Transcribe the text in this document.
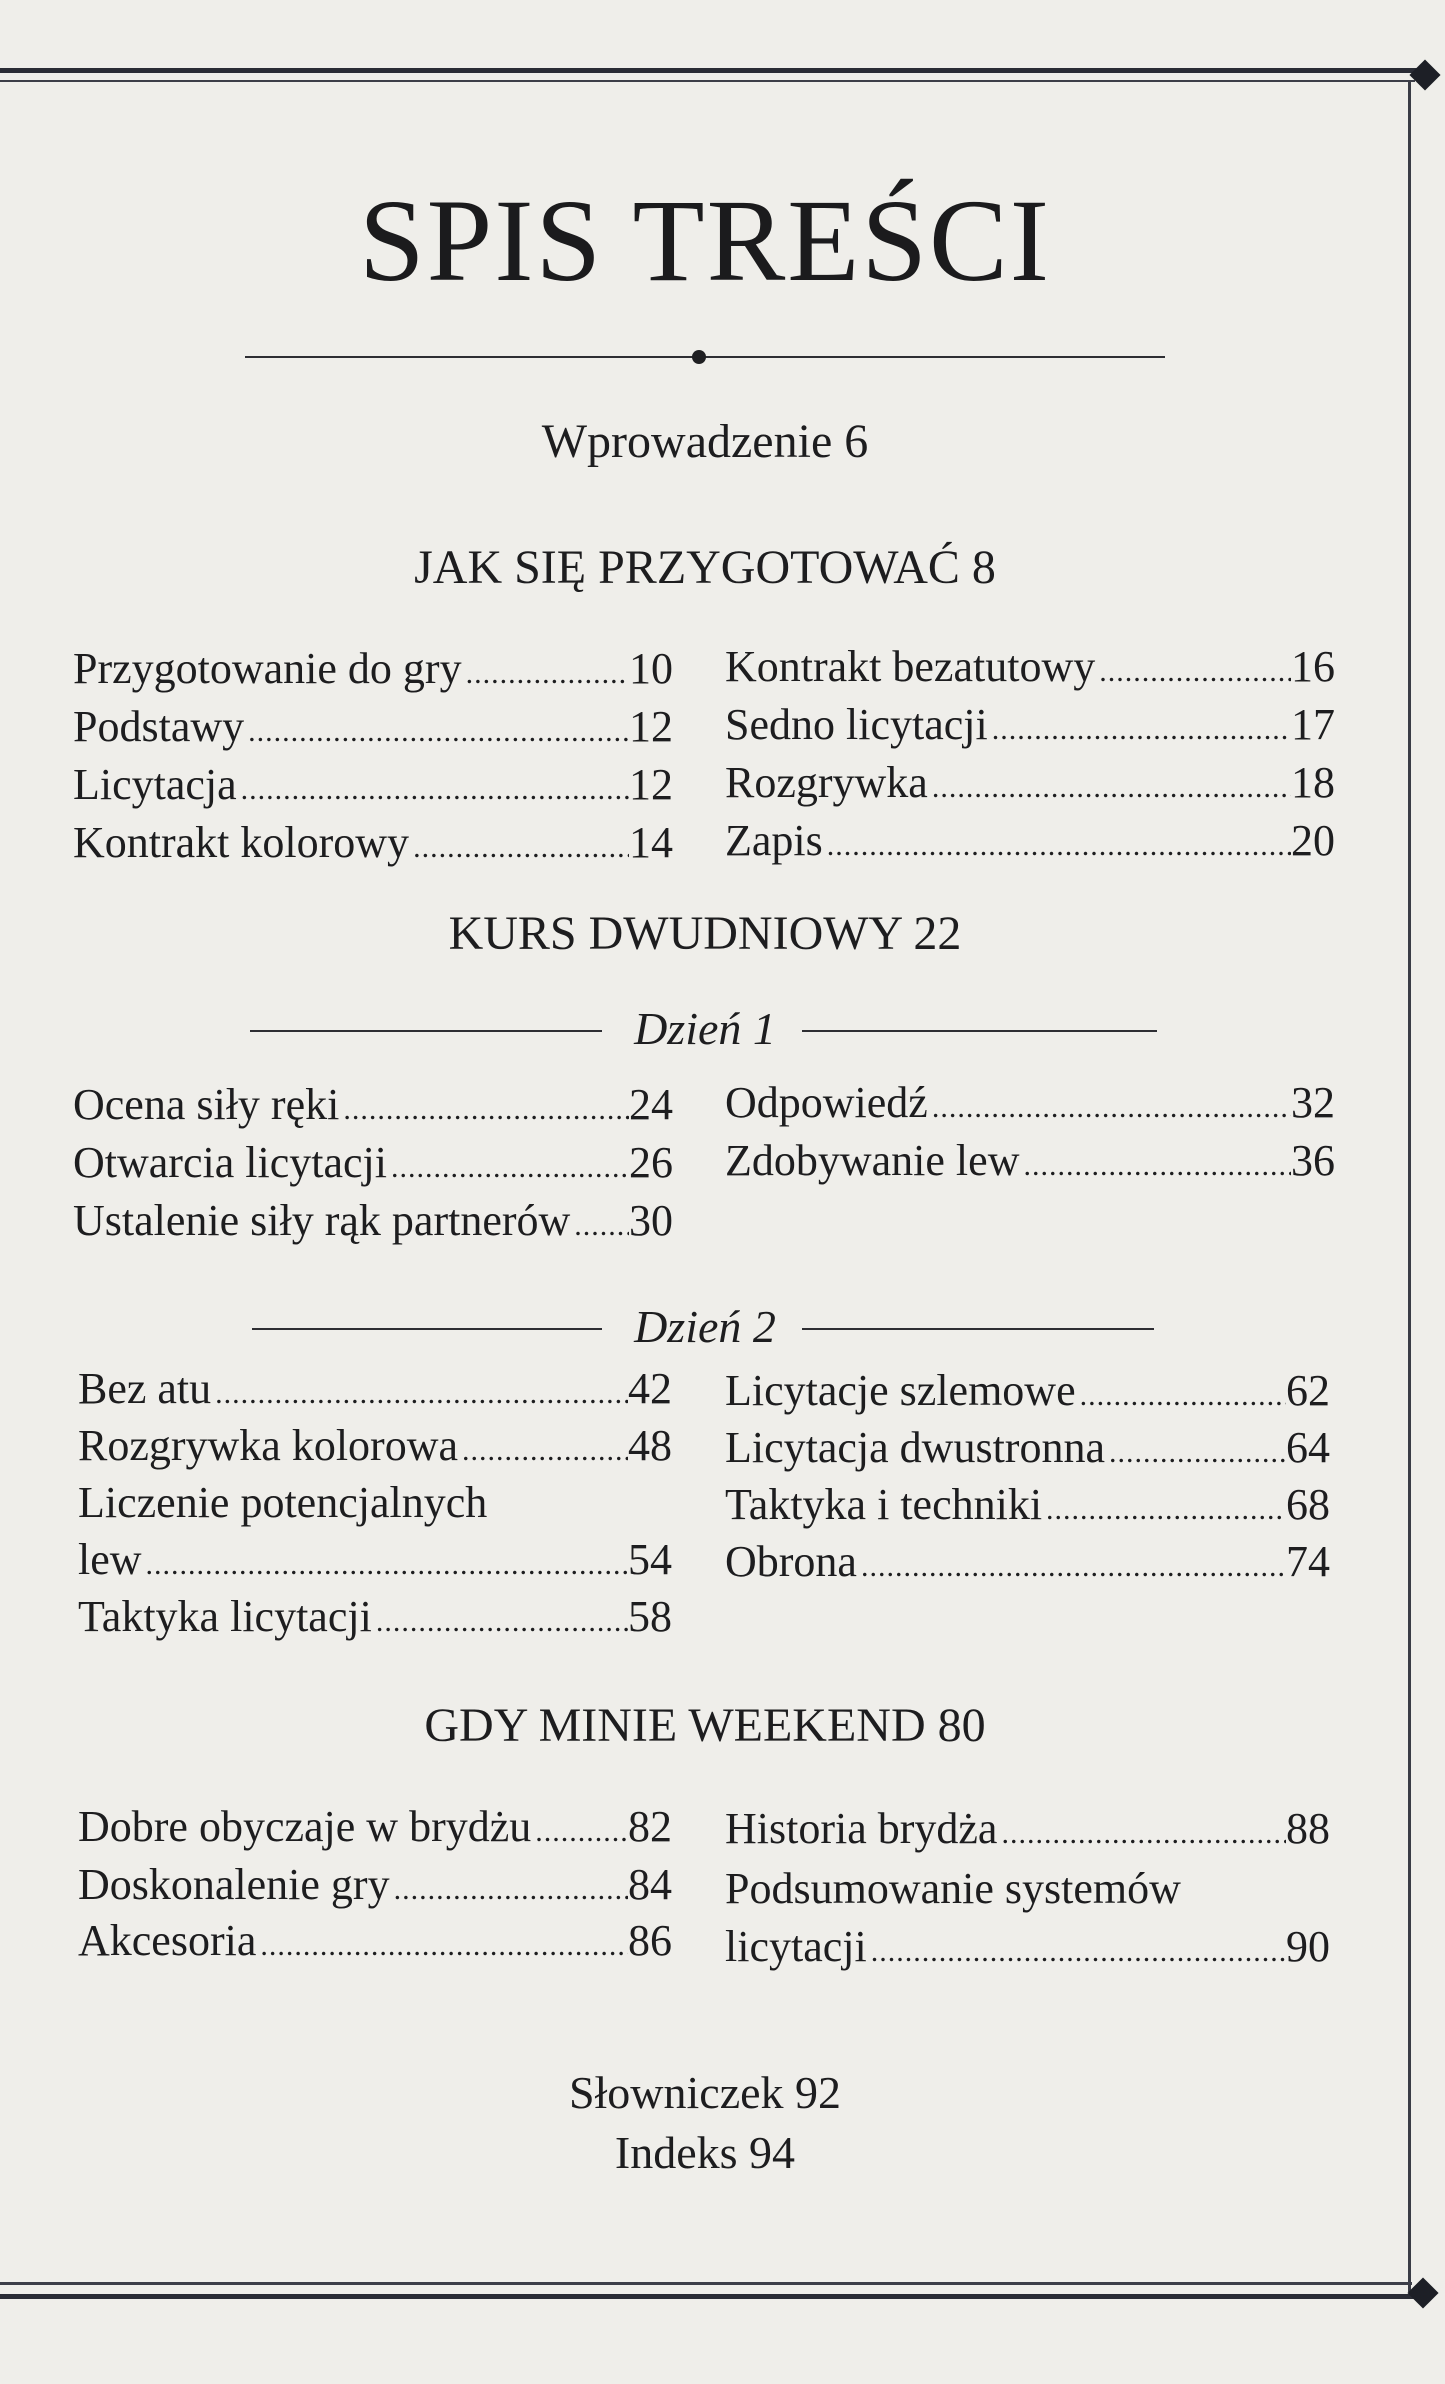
SPIS TREŚCI
Wprowadzenie 6
JAK SIĘ PRZYGOTOWAĆ 8
Przygotowanie do gry .....	10
Podstawy .....	12
Licytacja .....	12
Kontrakt kolorowy .....	14
Kontrakt bezatutowy .....	16
Sedno licytacji .....	17
Rozgrywka .....	18
Zapis .....	20
KURS DWUDNIOWY 22
Dzień 1
Ocena siły ręki .....	24
Otwarcia licytacji .....	26
Ustalenie siły rąk partnerów ..... 30
Odpowiedź .....	32
Zdobywanie lew .....	36
Dzień 2
Bez atu .....	42
Rozgrywka kolorowa .....	48
Liczenie potencjalnych
lew .....	54
Taktyka licytacji .....	58
Licytacje szlemowe .....	62
Licytacja dwustronna .....	64
Taktyka i techniki .....	68
Obrona .....	74
GDY MINIE WEEKEND 80
Dobre obyczaje w brydżu ..... 82
Doskonalenie gry .....	84
Akcesoria .....	86
Historia brydża .....	88
Podsumowanie systemów
licytacji .....	90
Słowniczek 92
Indeks 94
